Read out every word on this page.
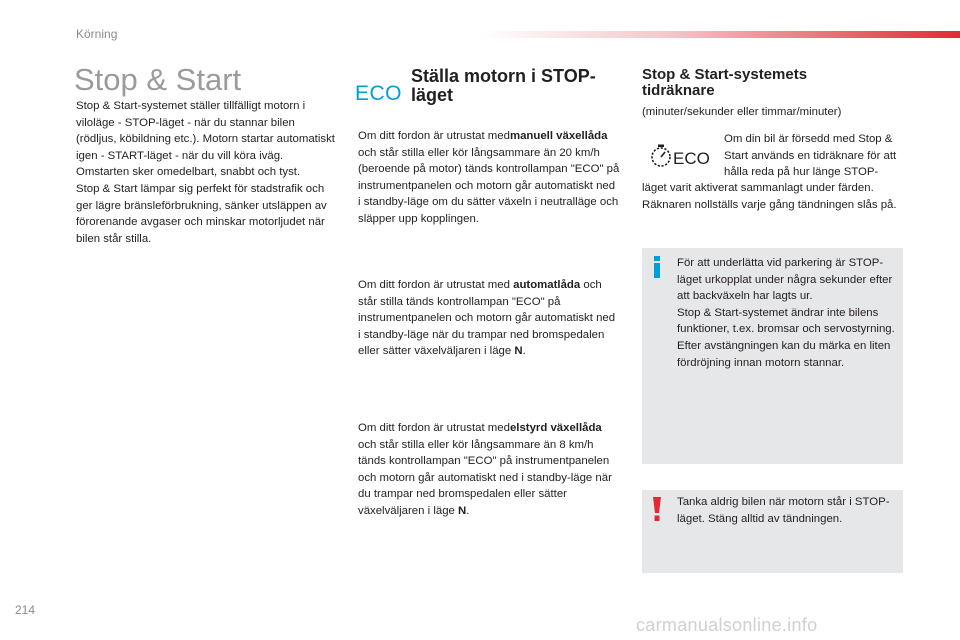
Körning
Stop & Start

Stop & Start-systemet ställer tillfälligt motorn i viloläge - STOP-läget - när du stannar bilen (rödljus, köbildning etc.). Motorn startar automatiskt igen - START-läget - när du vill köra iväg. Omstarten sker omedelbart, snabbt och tyst.

Stop & Start lämpar sig perfekt för stadstrafik och ger lägre bränsleförbrukning, sänker utsläppen av förorenande avgaser och minskar motorljudet när bilen står stilla.

ECO
Ställa motorn i STOP-läget

Om ditt fordon är utrustat medmanuell växellåda och står stilla eller kör långsammare än 20 km/h (beroende på motor) tänds kontrollampan "ECO" på instrumentpanelen och motorn går automatiskt ned i standby-läge om du sätter växeln i neutralläge och släpper upp kopplingen.

Om ditt fordon är utrustat med automatlåda och står stilla tänds kontrollampan "ECO" på instrumentpanelen och motorn går automatiskt ned i standby-läge när du trampar ned bromspedalen eller sätter växelväljaren i läge N.

Om ditt fordon är utrustat medelstyrd växellåda och står stilla eller kör långsammare än 8 km/h tänds kontrollampan "ECO" på instrumentpanelen och motorn går automatiskt ned i standby-läge när du trampar ned bromspedalen eller sätter växelväljaren i läge N.

Stop & Start-systemets tidräknare

(minuter/sekunder eller timmar/minuter)

ECO

Om din bil är försedd med Stop & Start används en tidräknare för att hålla reda på hur länge STOP-

läget varit aktiverat sammanlagt under färden. Räknaren nollställs varje gång tändningen slås på.

För att underlätta vid parkering är STOP-läget urkopplat under några sekunder efter att backväxeln har lagts ur.

Stop & Start-systemet ändrar inte bilens funktioner, t.ex. bromsar och servostyrning.

Efter avstängningen kan du märka en liten fördröjning innan motorn stannar.

Tanka aldrig bilen när motorn står i STOP-läget. Stäng alltid av tändningen.

214
carmanualsonline.info
